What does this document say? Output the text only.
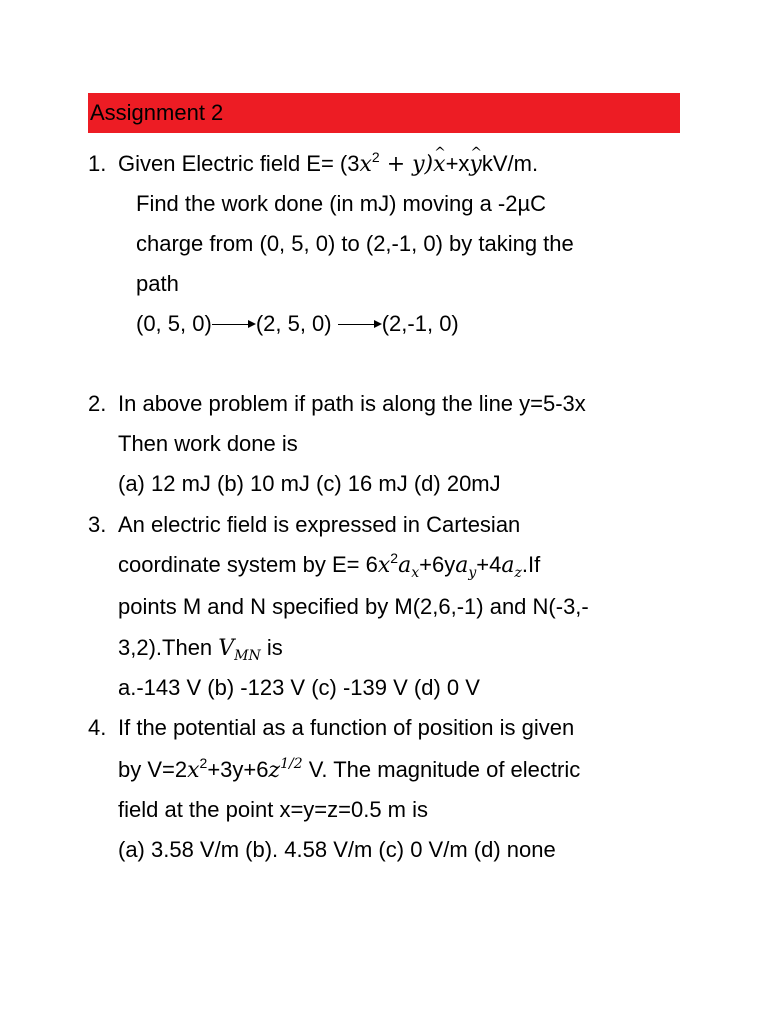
Assignment 2
1. Given Electric field $E= (3x^2 + y)x$ ^+xy ^kV/m.
Find the work done (in mJ) moving a -2µC
charge from (0, 5, 0) to (2,-1, 0) by taking the
path
(0, 5, 0) (2, 5, 0) (2,-1, 0)
2. In above problem if path is along the line y=5-3x
Then work done is
(a) 12 mJ (b) 10 mJ (c) 16 mJ (d) 20mJ
3. An electric field is expressed in Cartesian
coordinate system by $E= 6x^2a_x+6ya_y+4a_z.If$
points M and N specified by M(2,6,-1) and N(-3,-
3,2).Then $V_{MN}$ is
a.-143 V (b) -123 V (c) -139 V (d) 0 V
4. If the potential as a function of position is given
by $V=2x^2+3y+6z^{1/2}$ V. The magnitude of electric
field at the point x=y=z=0.5 m is
(a) 3.58 V/m (b). 4.58 V/m (c) 0 V/m (d) none
